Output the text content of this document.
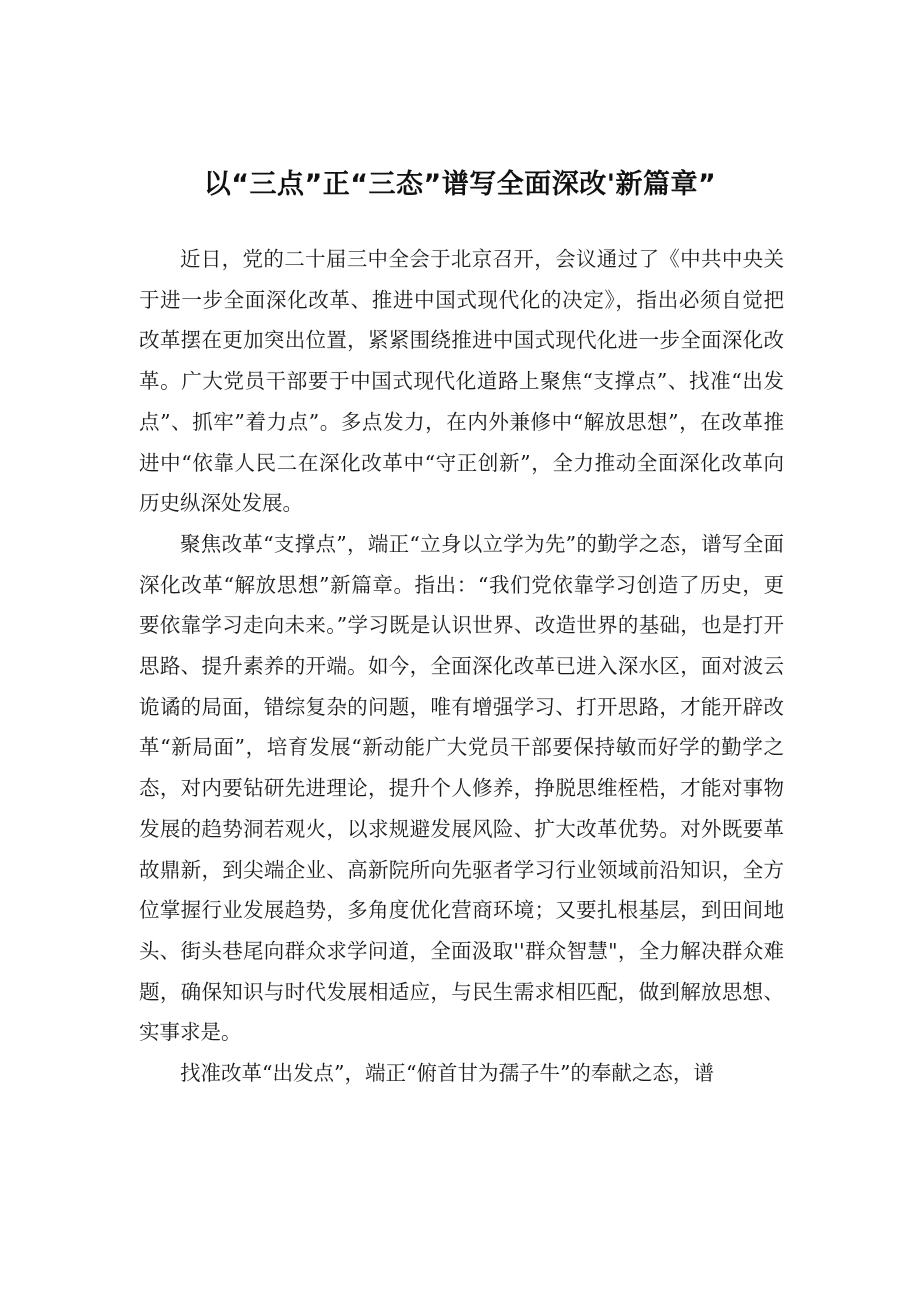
以“三点”正“三态”谱写全面深改'新篇章”

近日，党的二十届三中全会于北京召开，会议通过了《中共中央关于进一步全面深化改革、推进中国式现代化的决定》，指出必须自觉把改革摆在更加突出位置，紧紧围绕推进中国式现代化进一步全面深化改革。广大党员干部要于中国式现代化道路上聚焦“支撑点”、找准“出发点”、抓牢”着力点”。多点发力，在内外兼修中“解放思想”，在改革推进中“依靠人民二在深化改革中“守正创新”，全力推动全面深化改革向历史纵深处发展。

聚焦改革“支撑点”，端正“立身以立学为先”的勤学之态，谱写全面深化改革“解放思想”新篇章。指出：“我们党依靠学习创造了历史，更要依靠学习走向未来。”学习既是认识世界、改造世界的基础，也是打开思路、提升素养的开端。如今，全面深化改革已进入深水区，面对波云诡谲的局面，错综复杂的问题，唯有增强学习、打开思路，才能开辟改革“新局面”，培育发展“新动能广大党员干部要保持敏而好学的勤学之态，对内要钻研先进理论，提升个人修养，挣脱思维桎梏，才能对事物发展的趋势洞若观火，以求规避发展风险、扩大改革优势。对外既要革故鼎新，到尖端企业、高新院所向先驱者学习行业领域前沿知识，全方位掌握行业发展趋势，多角度优化营商环境；又要扎根基层，到田间地头、街头巷尾向群众求学问道，全面汲取''群众智慧"，全力解决群众难题，确保知识与时代发展相适应，与民生需求相匹配，做到解放思想、实事求是。

找准改革“出发点”，端正“俯首甘为孺子牛”的奉献之态，谱
